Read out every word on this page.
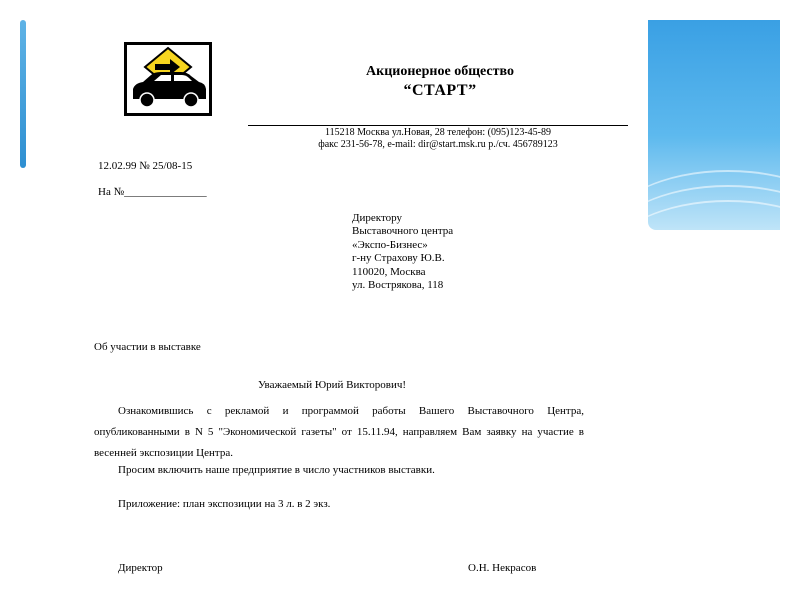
Акционерное общество
“СТАРТ”
115218 Москва ул.Новая, 28 телефон: (095)123-45-89
факс 231-56-78, e-mail: dir@start.msk.ru р./сч. 456789123
12.02.99 № 25/08-15
На №_______________
Директору
Выставочного центра
«Экспо-Бизнес»
г-ну Страхову Ю.В.
110020, Москва
ул. Вострякова, 118
Об участии в выставке
Уважаемый Юрий Викторович!
Ознакомившись с рекламой и программой работы Вашего Выставочного Центра, опубликованными в N 5 "Экономической газеты" от 15.11.94, направляем Вам заявку на участие в весенней экспозиции Центра.
Просим включить наше предприятие в число участников выставки.
Приложение: план экспозиции на 3 л. в 2 экз.
Директор	О.Н. Некрасов
